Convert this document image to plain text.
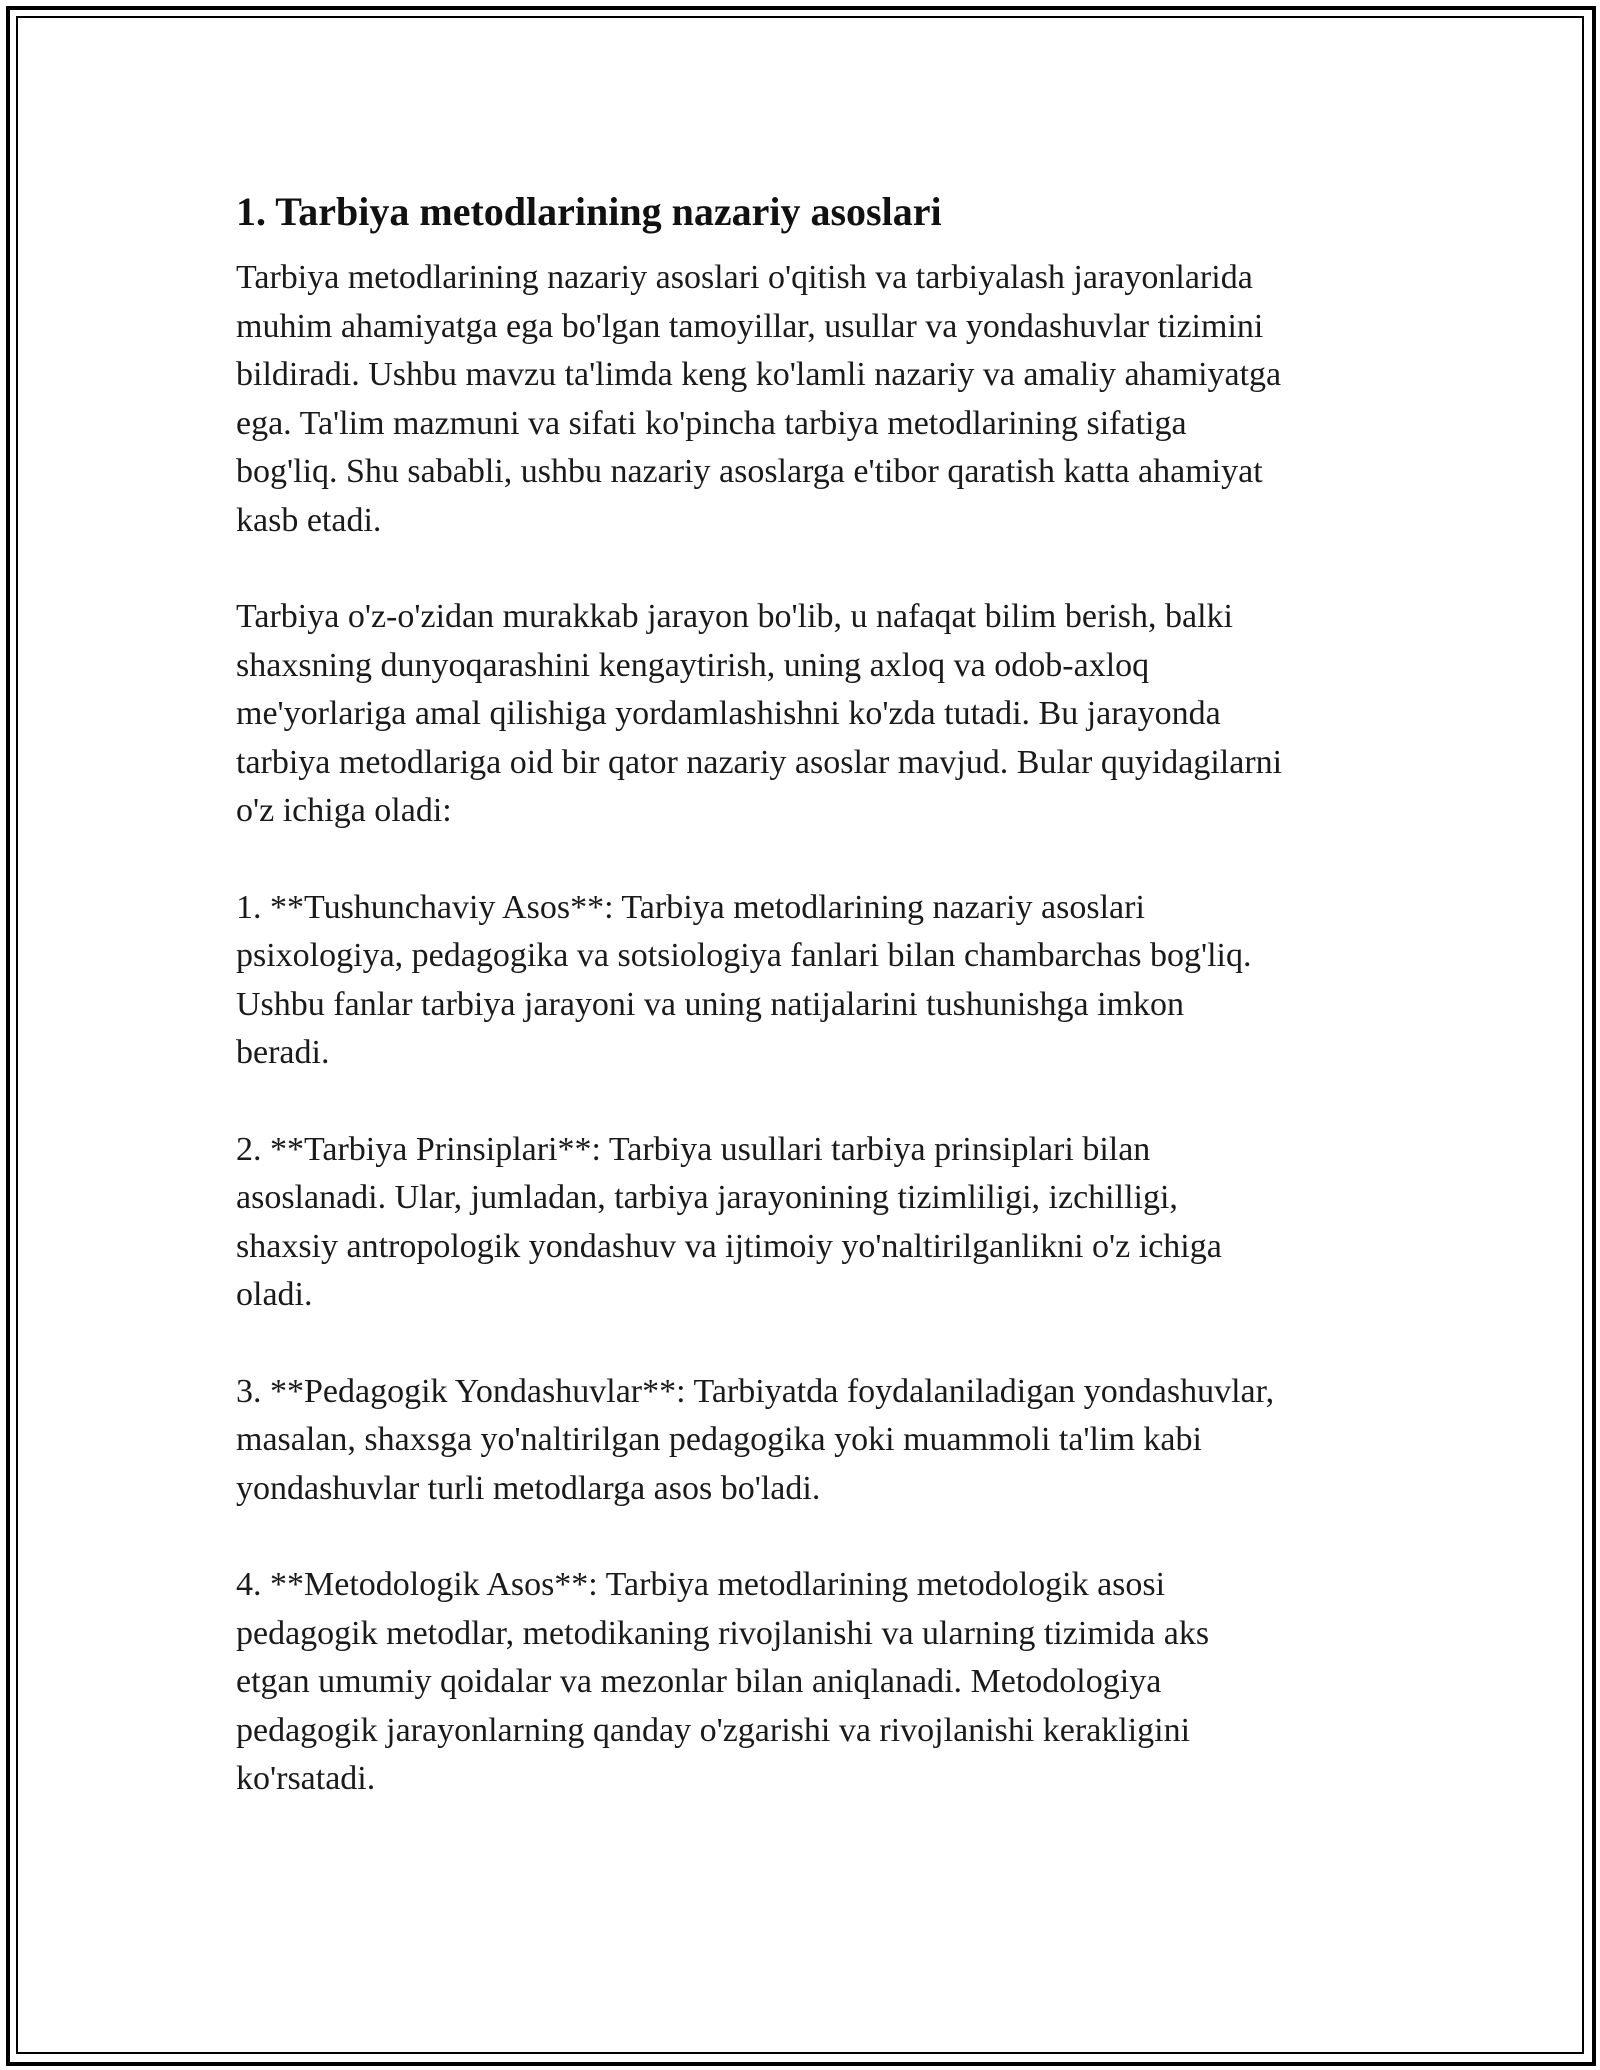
1. Tarbiya metodlarining nazariy asoslari

Tarbiya metodlarining nazariy asoslari o'qitish va tarbiyalash jarayonlarida
muhim ahamiyatga ega bo'lgan tamoyillar, usullar va yondashuvlar tizimini
bildiradi. Ushbu mavzu ta'limda keng ko'lamli nazariy va amaliy ahamiyatga
ega. Ta'lim mazmuni va sifati ko'pincha tarbiya metodlarining sifatiga
bog'liq. Shu sababli, ushbu nazariy asoslarga e'tibor qaratish katta ahamiyat
kasb etadi.

Tarbiya o'z-o'zidan murakkab jarayon bo'lib, u nafaqat bilim berish, balki
shaxsning dunyoqarashini kengaytirish, uning axloq va odob-axloq
me'yorlariga amal qilishiga yordamlashishni ko'zda tutadi. Bu jarayonda
tarbiya metodlariga oid bir qator nazariy asoslar mavjud. Bular quyidagilarni
o'z ichiga oladi:

1. **Tushunchaviy Asos**: Tarbiya metodlarining nazariy asoslari
psixologiya, pedagogika va sotsiologiya fanlari bilan chambarchas bog'liq.
Ushbu fanlar tarbiya jarayoni va uning natijalarini tushunishga imkon
beradi.

2. **Tarbiya Prinsiplari**: Tarbiya usullari tarbiya prinsiplari bilan
asoslanadi. Ular, jumladan, tarbiya jarayonining tizimliligi, izchilligi,
shaxsiy antropologik yondashuv va ijtimoiy yo'naltirilganlikni o'z ichiga
oladi.

3. **Pedagogik Yondashuvlar**: Tarbiyatda foydalaniladigan yondashuvlar,
masalan, shaxsga yo'naltirilgan pedagogika yoki muammoli ta'lim kabi
yondashuvlar turli metodlarga asos bo'ladi.

4. **Metodologik Asos**: Tarbiya metodlarining metodologik asosi
pedagogik metodlar, metodikaning rivojlanishi va ularning tizimida aks
etgan umumiy qoidalar va mezonlar bilan aniqlanadi. Metodologiya
pedagogik jarayonlarning qanday o'zgarishi va rivojlanishi kerakligini
ko'rsatadi.
